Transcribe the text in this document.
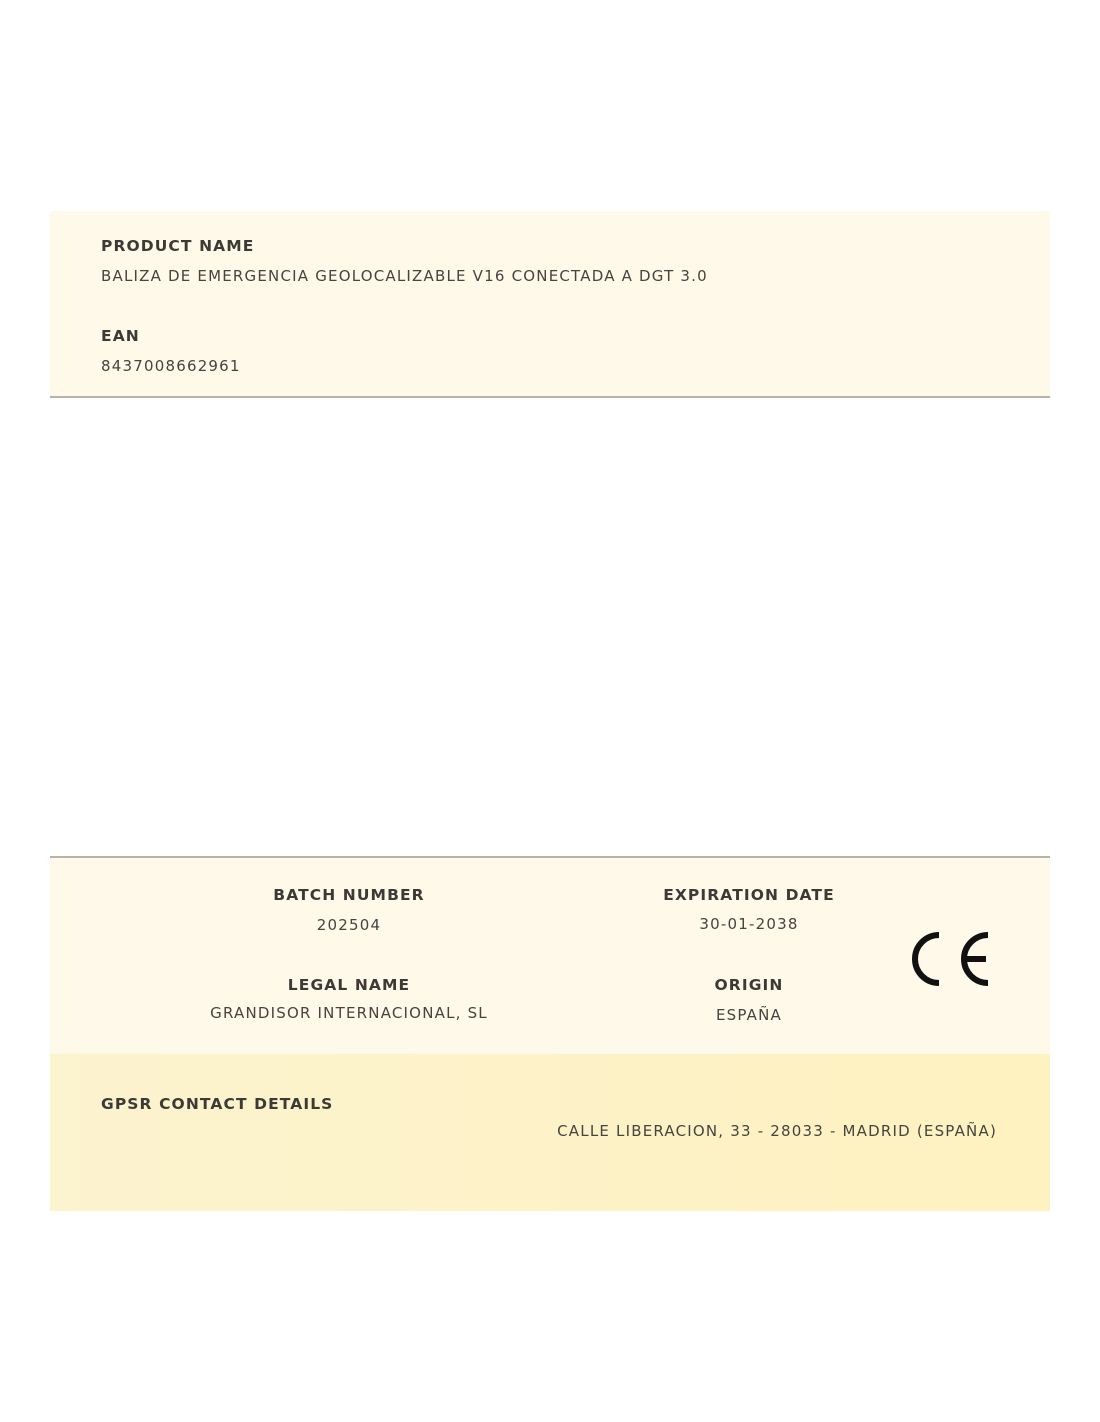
PRODUCT NAME
BALIZA DE EMERGENCIA GEOLOCALIZABLE V16 CONECTADA A DGT 3.0
EAN
8437008662961
BATCH NUMBER
202504
EXPIRATION DATE
30-01-2038
LEGAL NAME
GRANDISOR INTERNACIONAL, SL
ORIGIN
ESPAÑA
GPSR CONTACT DETAILS
CALLE LIBERACION, 33 - 28033 - MADRID (ESPAÑA)
